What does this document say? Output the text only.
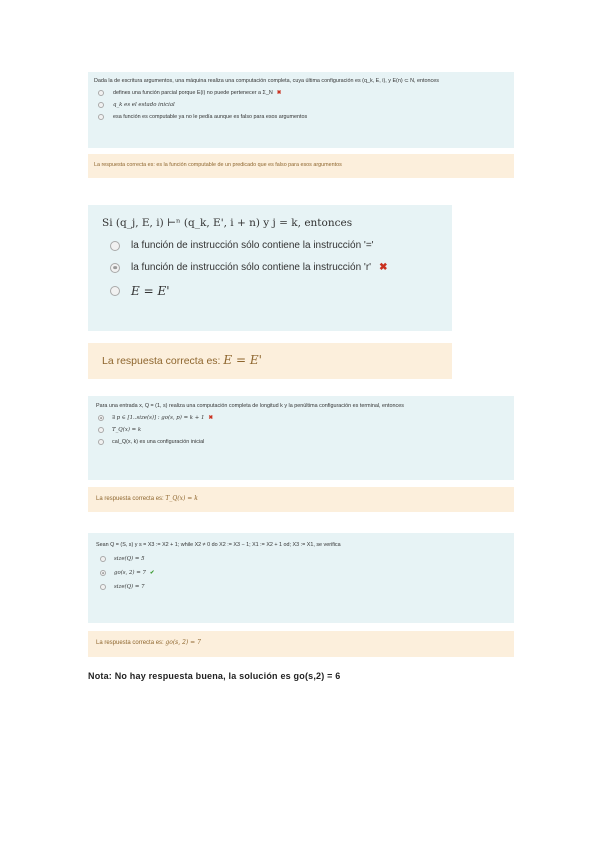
Dada la de escritura argumentos, una máquina realiza una computación completa, cuya última configuración es (q_k, E, i), y E(n) ⊂ N, entonces
defines una función parcial porque E(i) no puede pertenecer a Σ_N ✖
q_k es el estado inicial
esa función es computable ya no le pedía aunque es falso para esos argumentos
La respuesta correcta es: es la función computable de un predicado que es falso para esos argumentos
Si (q_j, E, i) ⊢ⁿ (q_k, E', i + n) y j = k, entonces
la función de instrucción sólo contiene la instrucción '='
la función de instrucción sólo contiene la instrucción 'r' ✖
E = E'
La respuesta correcta es: E = E'
Para una entrada x, Q = (1, s) realiza una computación completa de longitud k y la penúltima configuración es terminal, entonces
∃ p ∈ [1..size(s)] : go(s, p) = k + 1 ✖
T_Q(x) = k
cal_Q(x, k) es una configuración inicial
La respuesta correcta es: T_Q(x) = k
Sean Q = (S, s) y s = X3 := X2 + 1; while X2 ≠ 0 do X2 := X3 − 1; X1 := X2 + 1 od; X3 := X1, se verifica
size(Q) = 5
go(s, 2) = 7 ✔
size(Q) = 7
La respuesta correcta es: go(s, 2) = 7
Nota: No hay respuesta buena, la solución es go(s,2) = 6
